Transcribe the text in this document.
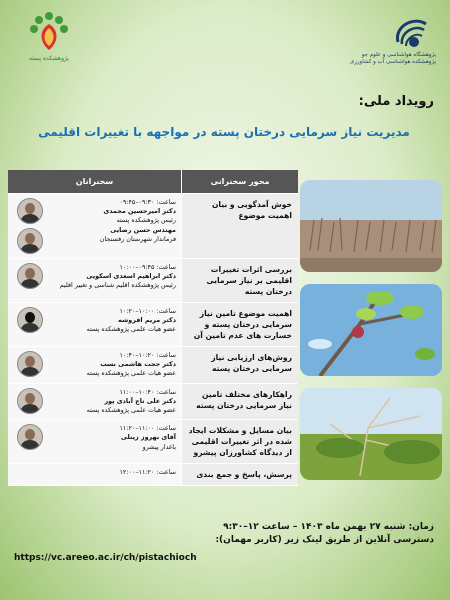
پژوهشکده پسته	پژوهشگاه هواشناسی و علوم جو
پژوهشکده هواشناسی آب و کشاورزی
رویداد ملی:
مدیریت نیاز سرمایی درختان پسته در مواجهه با تغییرات اقلیمی
محور سخنرانی
سخنرانان
خوش آمدگویی و بیان اهمیت موضوع
ساعت: ۰۹:۳۰–۰۹:۴۵
دکتر امیرحسین محمدی
رئیس پژوهشکده پسته
مهندس حسن رضایی
فرماندار شهرستان رفسنجان
بررسی اثرات تغییرات اقلیمی بر نیاز سرمایی درختان پسته
ساعت: ۰۹:۴۵–۱۰:۰۰
دکتر ابراهیم اسعدی اسکویی
رئیس پژوهشکده اقلیم شناسی و تغییر اقلیم
اهمیت موضوع تامین نیاز سرمایی درختان پسته و خسارت های عدم تامین آن
ساعت: ۱۰:۰۰–۱۰:۲۰
دکتر مریم افروشه
عضو هیات علمی پژوهشکده پسته
روش‌های ارزیابی نیاز سرمایی درختان پسته
ساعت: ۱۰:۲۰–۱۰:۴۰
دکتر حجت هاشمی نسب
عضو هیات علمی پژوهشکده پسته
راهکارهای مختلف تامین نیاز سرمایی درختان پسته
ساعت: ۱۰:۴۰–۱۱:۰۰
دکتر علی تاج آبادی پور
عضو هیات علمی پژوهشکده پسته
بیان مسایل و مشکلات ایجاد شده در اثر تغییرات اقلیمی از دیدگاه کشاورزان پیشرو
ساعت: ۱۱:۰۰–۱۱:۲۰
آقای بهروز زینلی
باغدار پیشرو
پرسش، پاسخ و جمع بندی
ساعت: ۱۱:۲۰–۱۲:۰۰
زمان: شنبه ۲۷ بهمن ماه ۱۴۰۳ – ساعت ۱۲–۹:۳۰
دسترسی آنلاین از طریق لینک زیر (کاربر مهمان):
https://vc.areeo.ac.ir/ch/pistachioch
